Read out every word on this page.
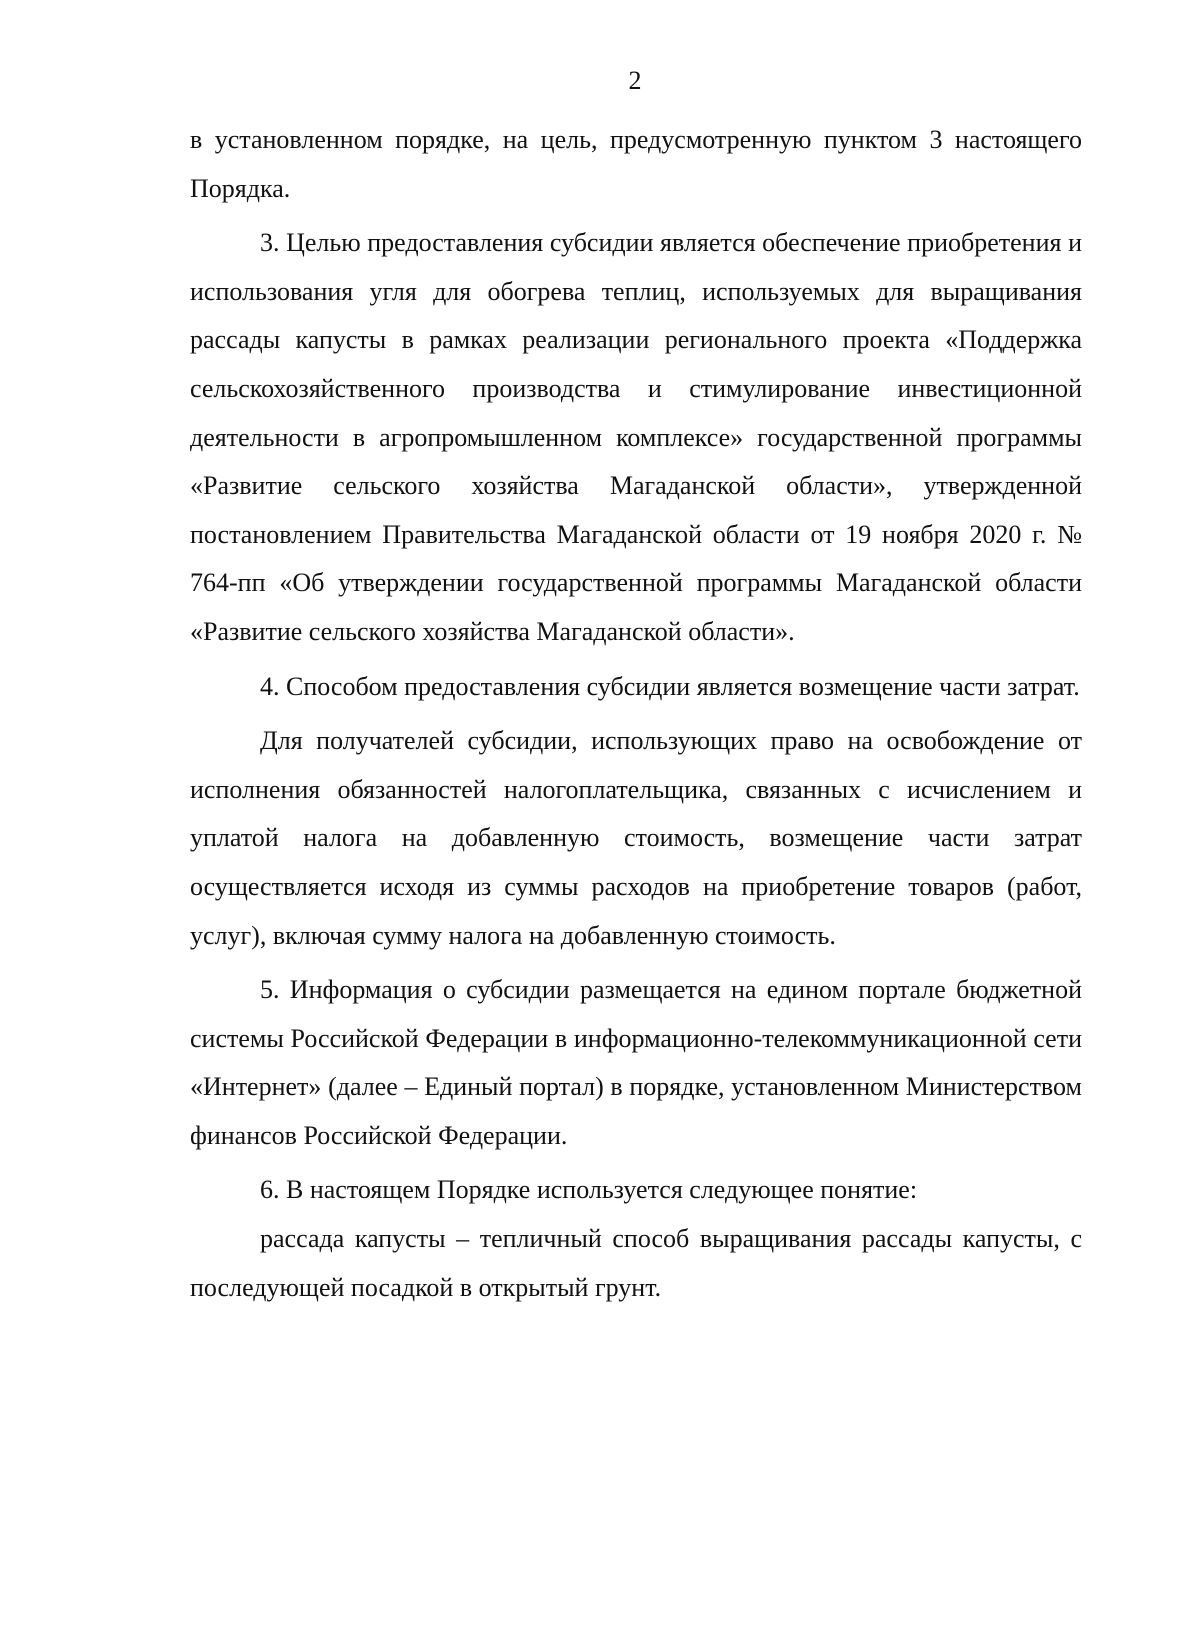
2

в установленном порядке, на цель, предусмотренную пунктом 3 настоящего Порядка.

3. Целью предоставления субсидии является обеспечение приобретения и использования угля для обогрева теплиц, используемых для выращивания рассады капусты в рамках реализации регионального проекта «Поддержка сельскохозяйственного производства и стимулирование инвестиционной деятельности в агропромышленном комплексе» государственной программы «Развитие сельского хозяйства Магаданской области», утвержденной постановлением Правительства Магаданской области от 19 ноября 2020 г. № 764-пп «Об утверждении государственной программы Магаданской области «Развитие сельского хозяйства Магаданской области».

4. Способом предоставления субсидии является возмещение части затрат.

Для получателей субсидии, использующих право на освобождение от исполнения обязанностей налогоплательщика, связанных с исчислением и уплатой налога на добавленную стоимость, возмещение части затрат осуществляется исходя из суммы расходов на приобретение товаров (работ, услуг), включая сумму налога на добавленную стоимость.

5. Информация о субсидии размещается на едином портале бюджетной системы Российской Федерации в информационно-телекоммуникационной сети «Интернет» (далее – Единый портал) в порядке, установленном Министерством финансов Российской Федерации.

6. В настоящем Порядке используется следующее понятие:

рассада капусты – тепличный способ выращивания рассады капусты, с последующей посадкой в открытый грунт.
